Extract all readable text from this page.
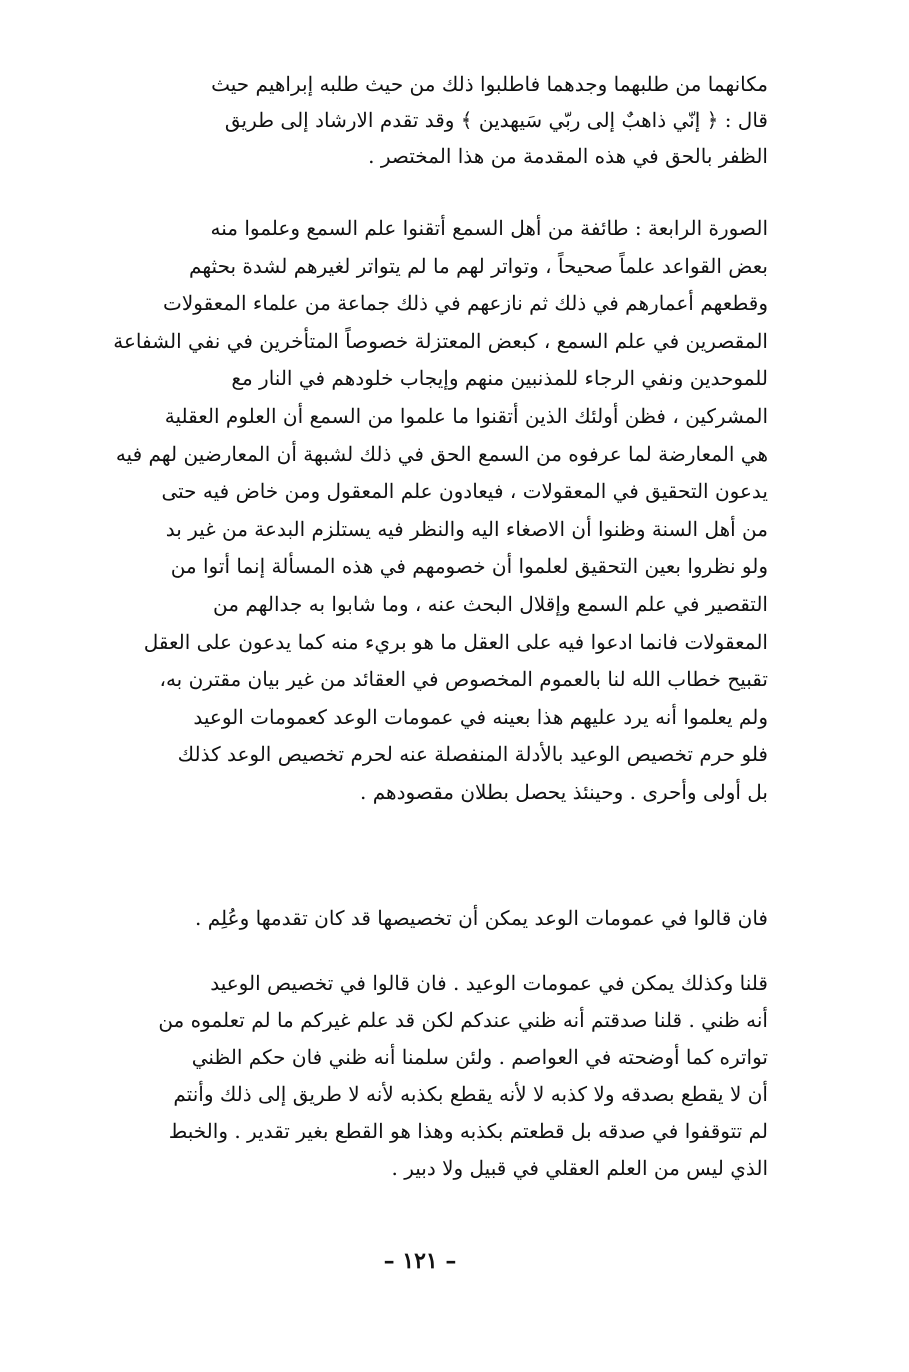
مكانهما من طلبهما وجدهما فاطلبوا ذلك من حيث طلبه إبراهيم حيث
قال : ﴿ إنّي ذاهبٌ إلى ربّي سَيهدين ﴾ وقد تقدم الارشاد إلى طريق
الظفر بالحق في هذه المقدمة من هذا المختصر .
الصورة الرابعة : طائفة من أهل السمع أتقنوا علم السمع وعلموا منه
بعض القواعد علماً صحيحاً ، وتواتر لهم ما لم يتواتر لغيرهم لشدة بحثهم
وقطعهم أعمارهم في ذلك ثم نازعهم في ذلك جماعة من علماء المعقولات
المقصرين في علم السمع ، كبعض المعتزلة خصوصاً المتأخرين في نفي الشفاعة
للموحدين ونفي الرجاء للمذنبين منهم وإيجاب خلودهم في النار مع
المشركين ، فظن أولئك الذين أتقنوا ما علموا من السمع أن العلوم العقلية
هي المعارضة لما عرفوه من السمع الحق في ذلك لشبهة أن المعارضين لهم فيه
يدعون التحقيق في المعقولات ، فيعادون علم المعقول ومن خاض فيه حتى
من أهل السنة وظنوا أن الاصغاء اليه والنظر فيه يستلزم البدعة من غير بد
ولو نظروا بعين التحقيق لعلموا أن خصومهم في هذه المسألة إنما أتوا من
التقصير في علم السمع وإقلال البحث عنه ، وما شابوا به جدالهم من
المعقولات فانما ادعوا فيه على العقل ما هو بريء منه كما يدعون على العقل
تقبيح خطاب الله لنا بالعموم المخصوص في العقائد من غير بيان مقترن به،
ولم يعلموا أنه يرد عليهم هذا بعينه في عمومات الوعد كعمومات الوعيد
فلو حرم تخصيص الوعيد بالأدلة المنفصلة عنه لحرم تخصيص الوعد كذلك
بل أولى وأحرى . وحينئذ يحصل بطلان مقصودهم .
فان قالوا في عمومات الوعد يمكن أن تخصيصها قد كان تقدمها وعُلِم .
قلنا وكذلك يمكن في عمومات الوعيد . فان قالوا في تخصيص الوعيد
أنه ظني . قلنا صدقتم أنه ظني عندكم لكن قد علم غيركم ما لم تعلموه من
تواتره كما أوضحته في العواصم . ولئن سلمنا أنه ظني فان حكم الظني
أن لا يقطع بصدقه ولا كذبه لا لأنه يقطع بكذبه لأنه لا طريق إلى ذلك وأنتم
لم تتوقفوا في صدقه بل قطعتم بكذبه وهذا هو القطع بغير تقدير . والخبط
الذي ليس من العلم العقلي في قبيل ولا دبير .
– ١٢١ –
